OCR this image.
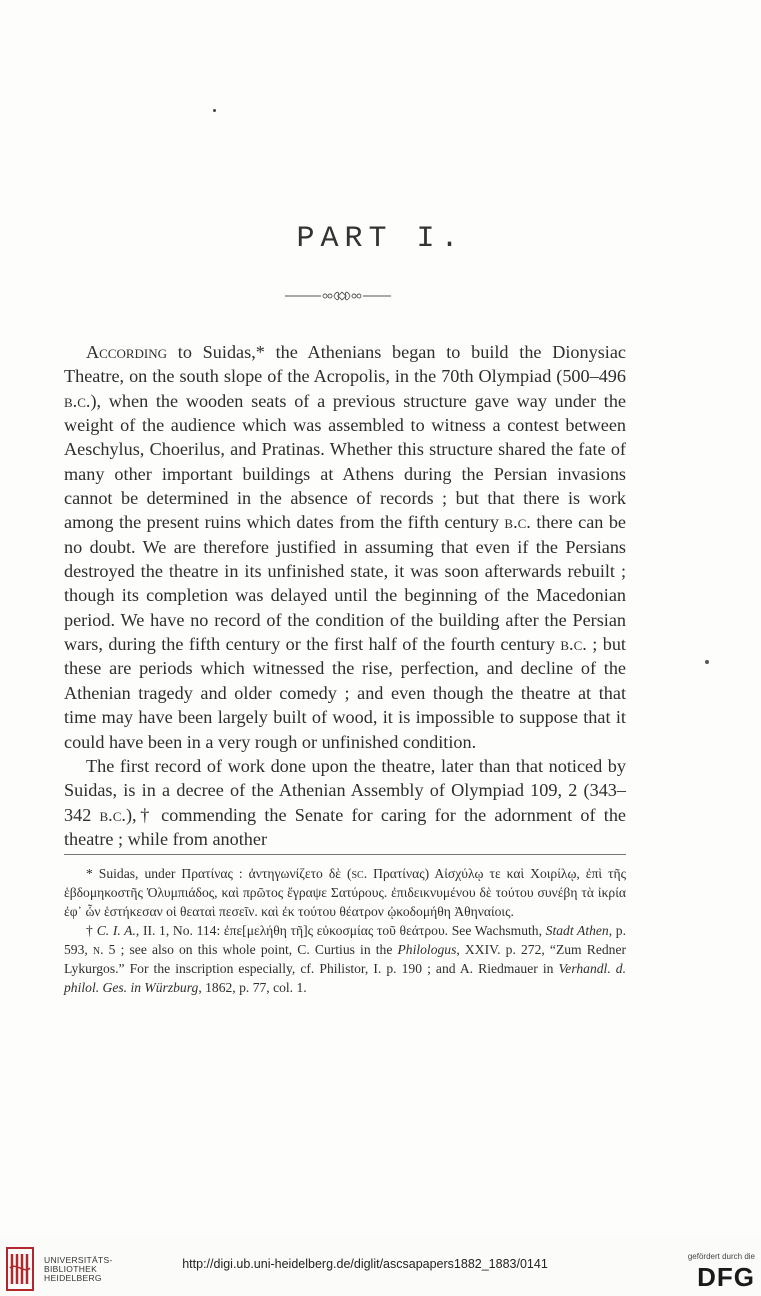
PART I.

According to Suidas,* the Athenians began to build the Dionysiac Theatre, on the south slope of the Acropolis, in the 70th Olympiad (500–496 b.c.), when the wooden seats of a previous structure gave way under the weight of the audience which was assembled to witness a contest between Aeschylus, Choerilus, and Pratinas. Whether this structure shared the fate of many other important buildings at Athens during the Persian invasions cannot be determined in the absence of records ; but that there is work among the present ruins which dates from the fifth century b.c. there can be no doubt. We are therefore justified in assuming that even if the Persians destroyed the theatre in its unfinished state, it was soon afterwards rebuilt ; though its completion was delayed until the beginning of the Macedonian period. We have no record of the condition of the building after the Persian wars, during the fifth century or the first half of the fourth century b.c. ; but these are periods which witnessed the rise, perfection, and decline of the Athenian tragedy and older comedy ; and even though the theatre at that time may have been largely built of wood, it is impossible to suppose that it could have been in a very rough or unfinished condition.

The first record of work done upon the theatre, later than that noticed by Suidas, is in a decree of the Athenian Assembly of Olympiad 109, 2 (343–342 b.c.),† commending the Senate for caring for the adornment of the theatre ; while from another

* Suidas, under Πρατίνας : ἀντηγωνίζετο δὲ (sc. Πρατίνας) Αἰσχύλῳ τε καὶ Χοιρίλῳ, ἐπὶ τῆς ἑβδομηκοστῆς Ὀλυμπιάδος, καὶ πρῶτος ἔγραψε Σατύρους. ἐπιδεικνυμένου δὲ τούτου συνέβη τὰ ἰκρία ἐφ᾽ ὧν ἑστήκεσαν οἱ θεαταὶ πεσεῖν. καὶ ἐκ τούτου θέατρον ᾠκοδομήθη Ἀθηναίοις.

† C. I. A., II. 1, No. 114: ἐπε[μελήθη τῆ]ς εὐκοσμίας τοῦ θεάτρου. See Wachsmuth, Stadt Athen, p. 593, n. 5 ; see also on this whole point, C. Curtius in the Philologus, XXIV. p. 272, “Zum Redner Lykurgos.” For the inscription especially, cf. Philistor, I. p. 190 ; and A. Riedmauer in Verhandl. d. philol. Ges. in Würzburg, 1862, p. 77, col. 1.

UNIVERSITÄTS-
BIBLIOTHEK
HEIDELBERG
http://digi.ub.uni-heidelberg.de/diglit/ascsapapers1882_1883/0141
gefördert durch die
DFG
